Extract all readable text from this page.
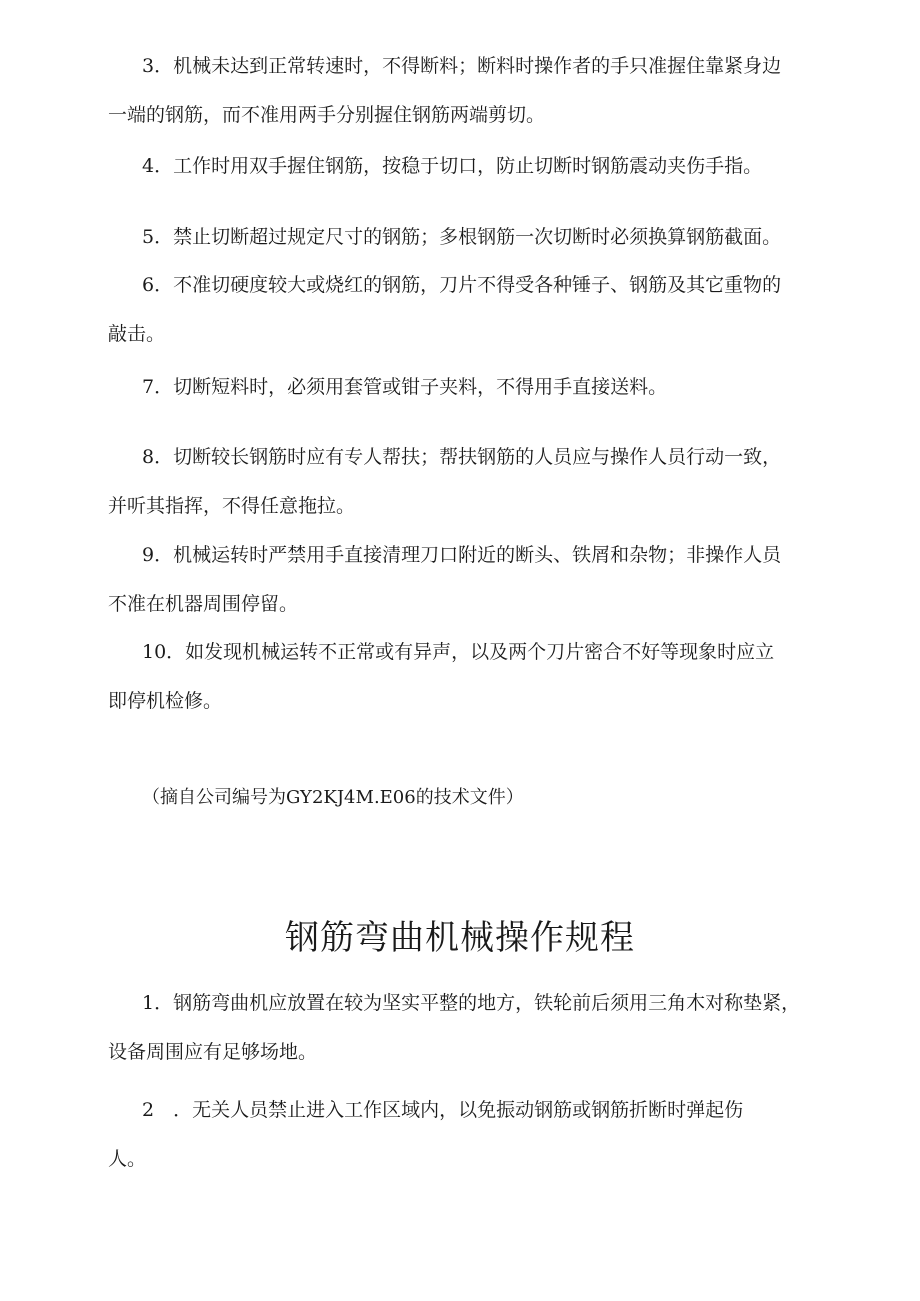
3．机械未达到正常转速时，不得断料；断料时操作者的手只准握住靠紧身边
一端的钢筋，而不准用两手分别握住钢筋两端剪切。

4．工作时用双手握住钢筋，按稳于切口，防止切断时钢筋震动夹伤手指。

5．禁止切断超过规定尺寸的钢筋；多根钢筋一次切断时必须换算钢筋截面。

6．不准切硬度较大或烧红的钢筋，刀片不得受各种锤子、钢筋及其它重物的
敲击。

7．切断短料时，必须用套管或钳子夹料，不得用手直接送料。

8．切断较长钢筋时应有专人帮扶；帮扶钢筋的人员应与操作人员行动一致，
并听其指挥，不得任意拖拉。

9．机械运转时严禁用手直接清理刀口附近的断头、铁屑和杂物；非操作人员
不准在机器周围停留。

10．如发现机械运转不正常或有异声，以及两个刀片密合不好等现象时应立
即停机检修。

（摘自公司编号为GY2KJ4M.E06的技术文件）
钢筋弯曲机械操作规程

1．钢筋弯曲机应放置在较为坚实平整的地方，铁轮前后须用三角木对称垫紧，
设备周围应有足够场地。

2　．无关人员禁止进入工作区域内，以免振动钢筋或钢筋折断时弹起伤
人。
